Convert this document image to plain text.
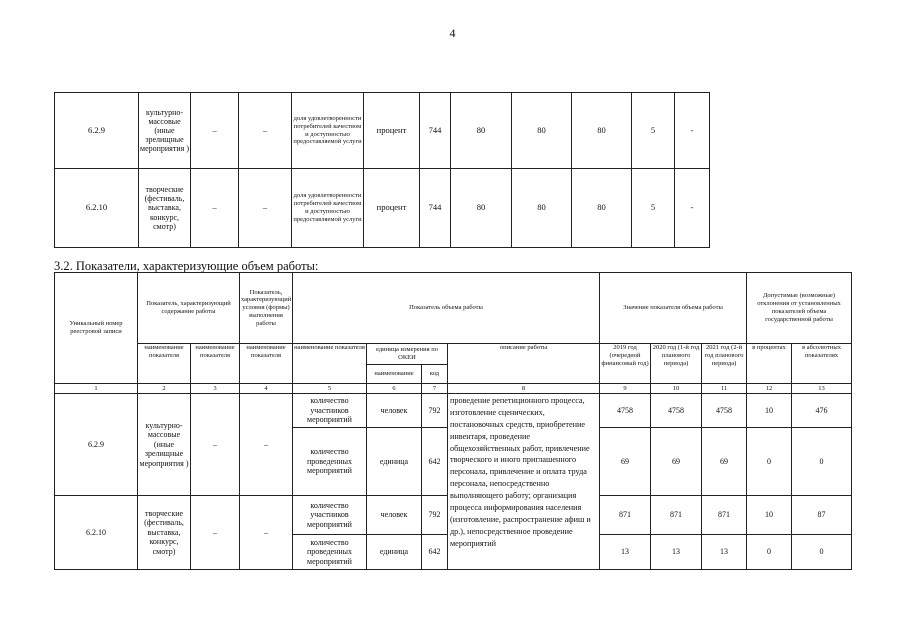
4
6.2.9	культурно-массовые (иные зрелищные мероприятия )	–	–	доля удовлетворенности потребителей качеством и доступностью предоставляемой услуги	процент	744	80	80	80	5	-
6.2.10	творческие (фестиваль, выставка, конкурс, смотр)	–	–	доля удовлетворенности потребителей качеством и доступностью предоставляемой услуги	процент	744	80	80	80	5	-
3.2. Показатели, характеризующие объем работы:
Уникальный номер реестровой записи	Показатель, характеризующий содержание работы		Показатель, характеризующий условия (формы) выполнения работы	Показатель объема работы				Значение показателя объема работы			Допустимые (возможные) отклонения от установленных показателей объема государственной работы	
	наименование показателя	наименование показателя	наименование показателя	наименование показателя	единица измерения по ОКЕИ		описание работы	2019 год (очередной финансовый год)	2020 год (1-й год планового периода)	2021 год (2-й год планового периода)	в процентах	в абсолютных показателях
					наименование	код						
1	2	3	4	5	6	7	8	9	10	11	12	13
6.2.9	культурно-массовые (иные зрелищные мероприятия )	–	–	количество участников мероприятий	человек	792	проведение репетиционного процесса, изготовление сценических, постановочных средств, приобретение инвентаря, проведение общехозяйственных работ, привлечение творческого и иного приглашенного персонала, привлечение и оплата труда персонала, непосредственно выполняющего работу; организация процесса информирования населения (изготовление, распространение афиш и др.), непосредственное проведение мероприятий	4758	4758	4758	10	476
				количество проведенных мероприятий	единица	642		69	69	69	0	0
6.2.10	творческие (фестиваль, выставка, конкурс, смотр)	–	–	количество участников мероприятий	человек	792		871	871	871	10	87
				количество проведенных мероприятий	единица	642		13	13	13	0	0
